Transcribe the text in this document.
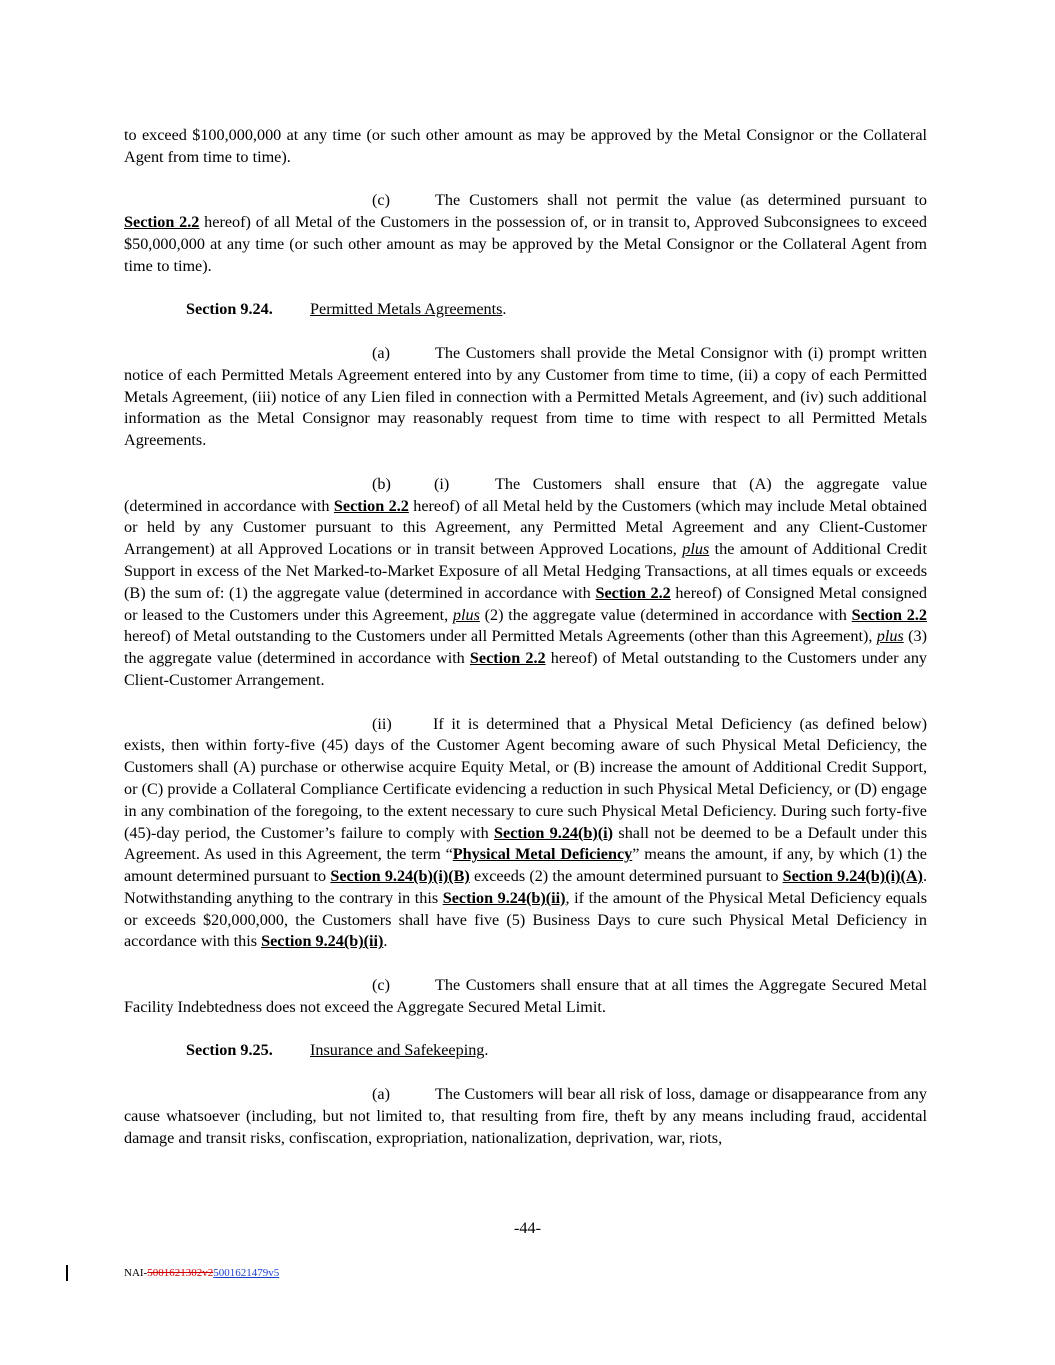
to exceed $100,000,000 at any time (or such other amount as may be approved by the Metal Consignor or the Collateral Agent from time to time).

(c)	The Customers shall not permit the value (as determined pursuant to Section 2.2 hereof) of all Metal of the Customers in the possession of, or in transit to, Approved Subconsignees to exceed $50,000,000 at any time (or such other amount as may be approved by the Metal Consignor or the Collateral Agent from time to time).

Section 9.24. Permitted Metals Agreements.

(a)	The Customers shall provide the Metal Consignor with (i) prompt written notice of each Permitted Metals Agreement entered into by any Customer from time to time, (ii) a copy of each Permitted Metals Agreement, (iii) notice of any Lien filed in connection with a Permitted Metals Agreement, and (iv) such additional information as the Metal Consignor may reasonably request from time to time with respect to all Permitted Metals Agreements.

(b)	(i)	The Customers shall ensure that (A) the aggregate value (determined in accordance with Section 2.2 hereof) of all Metal held by the Customers (which may include Metal obtained or held by any Customer pursuant to this Agreement, any Permitted Metal Agreement and any Client-Customer Arrangement) at all Approved Locations or in transit between Approved Locations, plus the amount of Additional Credit Support in excess of the Net Marked-to-Market Exposure of all Metal Hedging Transactions, at all times equals or exceeds (B) the sum of: (1) the aggregate value (determined in accordance with Section 2.2 hereof) of Consigned Metal consigned or leased to the Customers under this Agreement, plus (2) the aggregate value (determined in accordance with Section 2.2 hereof) of Metal outstanding to the Customers under all Permitted Metals Agreements (other than this Agreement), plus (3) the aggregate value (determined in accordance with Section 2.2 hereof) of Metal outstanding to the Customers under any Client-Customer Arrangement.

(ii)	If it is determined that a Physical Metal Deficiency (as defined below) exists, then within forty-five (45) days of the Customer Agent becoming aware of such Physical Metal Deficiency, the Customers shall (A) purchase or otherwise acquire Equity Metal, or (B) increase the amount of Additional Credit Support, or (C) provide a Collateral Compliance Certificate evidencing a reduction in such Physical Metal Deficiency, or (D) engage in any combination of the foregoing, to the extent necessary to cure such Physical Metal Deficiency. During such forty-five (45)-day period, the Customer’s failure to comply with Section 9.24(b)(i) shall not be deemed to be a Default under this Agreement. As used in this Agreement, the term “Physical Metal Deficiency” means the amount, if any, by which (1) the amount determined pursuant to Section 9.24(b)(i)(B) exceeds (2) the amount determined pursuant to Section 9.24(b)(i)(A). Notwithstanding anything to the contrary in this Section 9.24(b)(ii), if the amount of the Physical Metal Deficiency equals or exceeds $20,000,000, the Customers shall have five (5) Business Days to cure such Physical Metal Deficiency in accordance with this Section 9.24(b)(ii).

(c)	The Customers shall ensure that at all times the Aggregate Secured Metal Facility Indebtedness does not exceed the Aggregate Secured Metal Limit.

Section 9.25. Insurance and Safekeeping.

(a)	The Customers will bear all risk of loss, damage or disappearance from any cause whatsoever (including, but not limited to, that resulting from fire, theft by any means including fraud, accidental damage and transit risks, confiscation, expropriation, nationalization, deprivation, war, riots,

-44-
NAI-5001621302v25001621479v5
